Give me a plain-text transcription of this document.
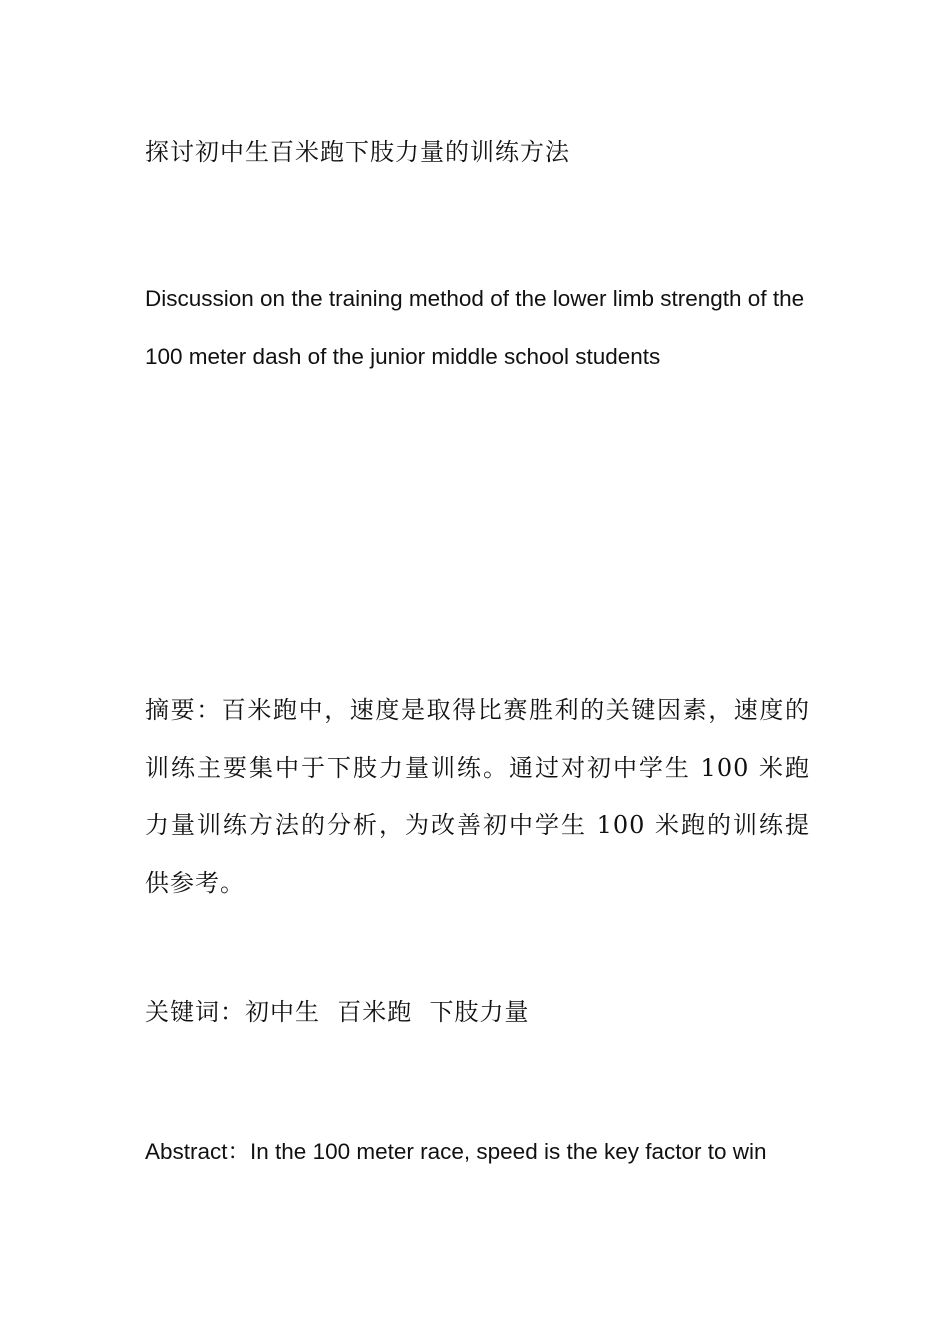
探讨初中生百米跑下肢力量的训练方法

Discussion on the training method of the lower limb strength of the 100 meter dash of the junior middle school students

摘要：百米跑中，速度是取得比赛胜利的关键因素，速度的训练主要集中于下肢力量训练。通过对初中学生 100 米跑力量训练方法的分析，为改善初中学生 100 米跑的训练提供参考。

关键词：初中生  百米跑  下肢力量

Abstract：In the 100 meter race, speed is the key factor to win
